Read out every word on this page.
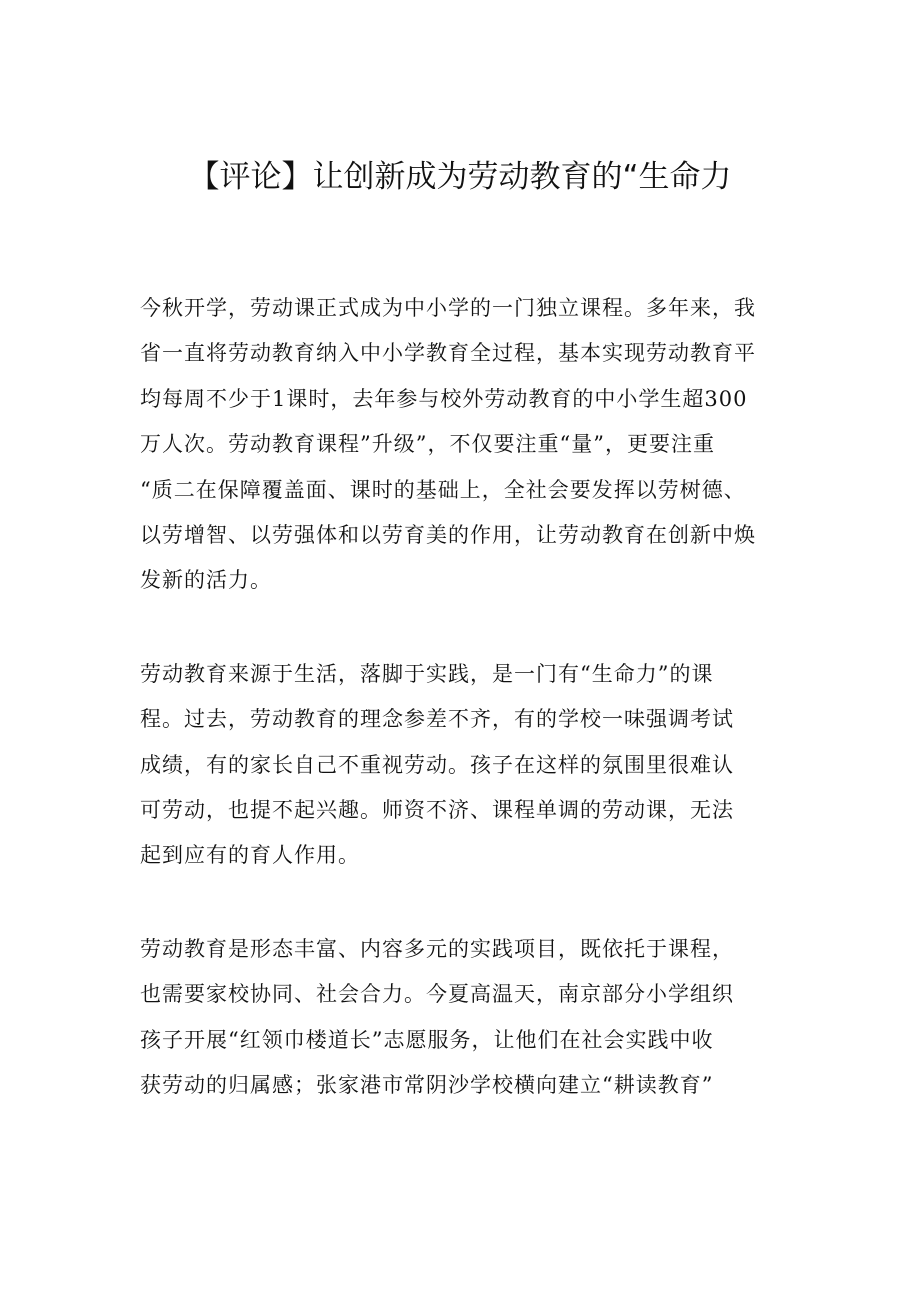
【评论】让创新成为劳动教育的“生命力
今秋开学，劳动课正式成为中小学的一门独立课程。多年来，我
省一直将劳动教育纳入中小学教育全过程，基本实现劳动教育平
均每周不少于1课时，去年参与校外劳动教育的中小学生超300
万人次。劳动教育课程”升级”，不仅要注重“量”，更要注重
“质二在保障覆盖面、课时的基础上，全社会要发挥以劳树德、
以劳增智、以劳强体和以劳育美的作用，让劳动教育在创新中焕
发新的活力。
劳动教育来源于生活，落脚于实践，是一门有“生命力”的课
程。过去，劳动教育的理念参差不齐，有的学校一味强调考试
成绩，有的家长自己不重视劳动。孩子在这样的氛围里很难认
可劳动，也提不起兴趣。师资不济、课程单调的劳动课，无法
起到应有的育人作用。
劳动教育是形态丰富、内容多元的实践项目，既依托于课程，
也需要家校协同、社会合力。今夏高温天，南京部分小学组织
孩子开展“红领巾楼道长”志愿服务，让他们在社会实践中收
获劳动的归属感；张家港市常阴沙学校横向建立“耕读教育”
